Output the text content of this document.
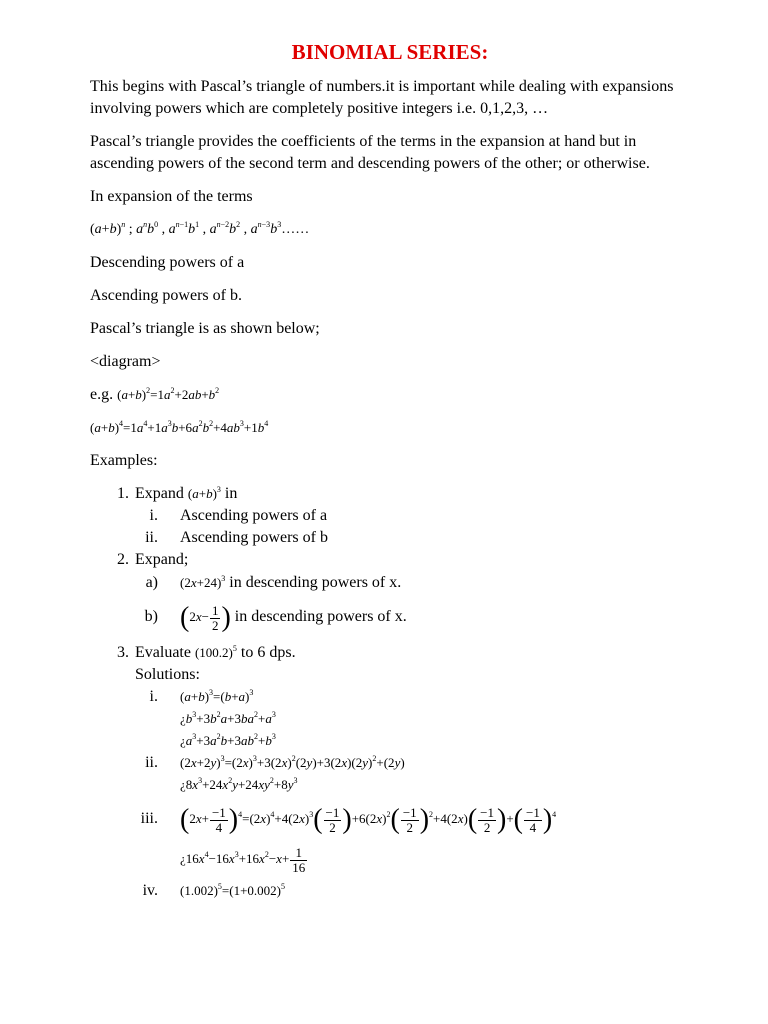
BINOMIAL SERIES:

This begins with Pascal’s triangle of numbers.it is important while dealing with expansions involving powers which are completely positive integers i.e. 0,1,2,3, …

Pascal’s triangle provides the coefficients of the terms in the expansion at hand but in ascending powers of the second term and descending powers of the other; or otherwise.

In expansion of the terms

$(a+b)^n$ ; $a^nb^0$ , $a^{n-1}b^1$ , $a^{n-2}b^2$ , $a^{n-3}b^3\dots\dots$

Descending powers of a

Ascending powers of b.

Pascal’s triangle is as shown below;

<diagram>

e.g. $(a+b)^2=1a^2+2ab+b^2$

$(a+b)^4=1a^4+1a^3b+6a^2b^2+4ab^3+1b^4$

Examples:

1. Expand $(a+b)^3$ in
i.	Ascending powers of a
ii.	Ascending powers of b
2. Expand;
a)	$(2x+24)^3$ in descending powers of x.
b) ($2x- \frac{1}{2}$ ) in descending powers of x.
3. Evaluate $(100.2)^5$ to 6 dps.
Solutions:
i.	$(a+b)^3=(b+a)^3$
¿$b^3+3b^2a+3ba^2+a^3$
¿$a^3+3a^2b+3ab^2+b^3$
ii.	$(2x+2y)^3=(2x)^3+3(2x)^2(2y)+3(2x)(2y)^2+(2y)$
¿$8x^3+24x^2y+24xy^2+8y^3$
iii. $(2x+ \frac{-1}{4} )^4=(2x)^4+4(2x)^3( \frac{-1}{2} )+6(2x)^2( \frac{-1}{2} )^2+4(2x)( \frac{-1}{2}$ )+( $\frac{-1}{4} )^4$
¿$16x^4-16x^3+16x^2-x+ \frac{1}{16}$
iv.	$(1.002)^5=(1+0.002)^5$
